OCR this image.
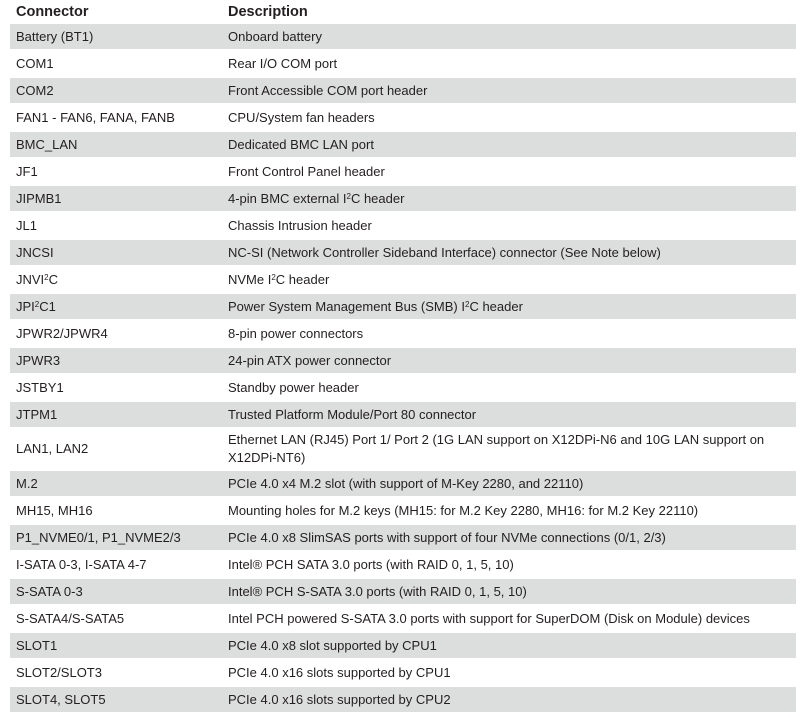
Connector	Description
Battery (BT1)	Onboard battery
COM1	Rear I/O COM port
COM2	Front Accessible COM port header
FAN1 - FAN6, FANA, FANB	CPU/System fan headers
BMC_LAN	Dedicated BMC LAN port
JF1	Front Control Panel header
JIPMB1	4-pin BMC external $I^2C$ header
JL1	Chassis Intrusion header
JNCSI	NC-SI (Network Controller Sideband Interface) connector (See Note below)
JNVI$^2$C	NVMe $I^2C$ header
JPI$^2$C1	Power System Management Bus (SMB) $I^2C$ header
JPWR2/JPWR4	8-pin power connectors
JPWR3	24-pin ATX power connector
JSTBY1	Standby power header
JTPM1	Trusted Platform Module/Port 80 connector
LAN1, LAN2	Ethernet LAN (RJ45) Port 1/ Port 2 (1G LAN support on X12DPi-N6 and 10G LAN support on X12DPi-NT6)
M.2	PCIe 4.0 x4 M.2 slot (with support of M-Key 2280, and 22110)
MH15, MH16	Mounting holes for M.2 keys (MH15: for M.2 Key 2280, MH16: for M.2 Key 22110)
P1_NVME0/1, P1_NVME2/3	PCIe 4.0 x8 SlimSAS ports with support of four NVMe connections (0/1, 2/3)
I-SATA 0-3, I-SATA 4-7	Intel® PCH SATA 3.0 ports (with RAID 0, 1, 5, 10)
S-SATA 0-3	Intel® PCH S-SATA 3.0 ports (with RAID 0, 1, 5, 10)
S-SATA4/S-SATA5	Intel PCH powered S-SATA 3.0 ports with support for SuperDOM (Disk on Module) devices
SLOT1	PCIe 4.0 x8 slot supported by CPU1
SLOT2/SLOT3	PCIe 4.0 x16 slots supported by CPU1
SLOT4, SLOT5	PCIe 4.0 x16 slots supported by CPU2
